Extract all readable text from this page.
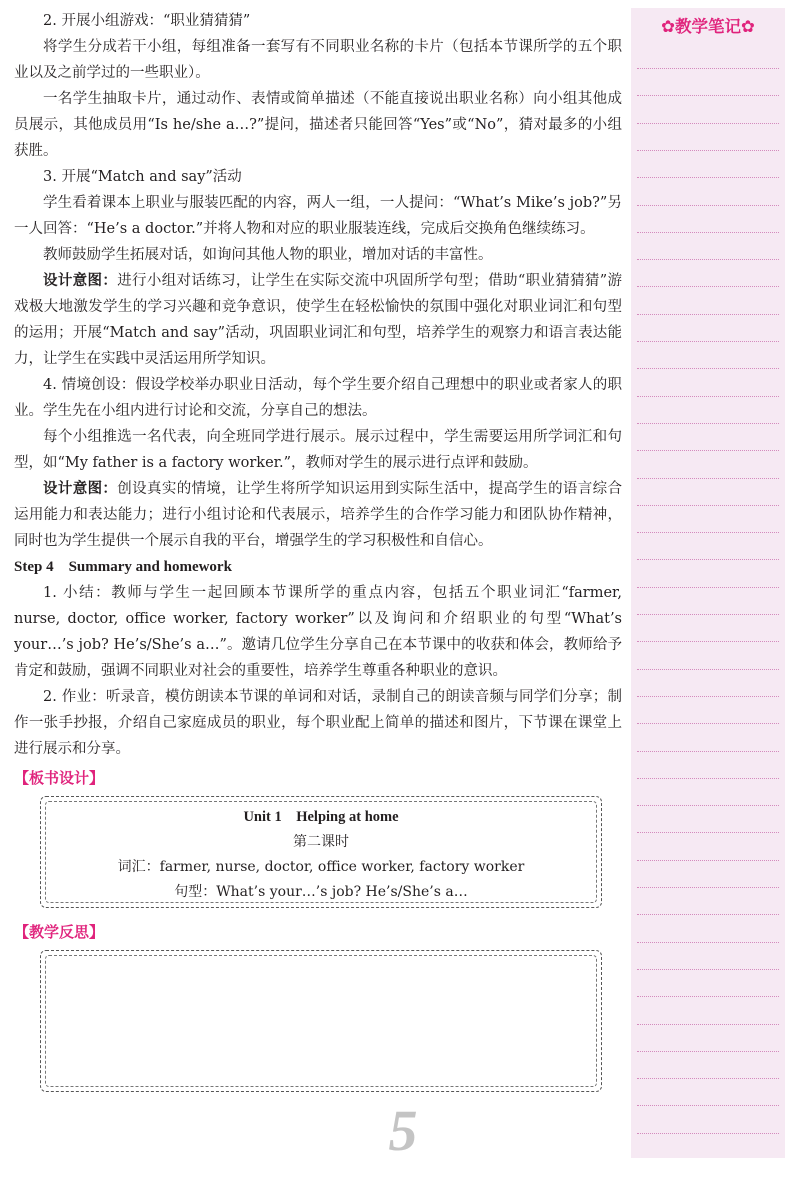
2. 开展小组游戏：“职业猜猜猜”

将学生分成若干小组，每组准备一套写有不同职业名称的卡片（包括本节课所学的五个职业以及之前学过的一些职业）。

一名学生抽取卡片，通过动作、表情或简单描述（不能直接说出职业名称）向小组其他成员展示，其他成员用“Is he/she a…?”提问，描述者只能回答“Yes”或“No”，猜对最多的小组获胜。

3. 开展“Match and say”活动

学生看着课本上职业与服装匹配的内容，两人一组，一人提问：“What’s Mike’s job?”另一人回答：“He’s a doctor.”并将人物和对应的职业服装连线，完成后交换角色继续练习。

教师鼓励学生拓展对话，如询问其他人物的职业，增加对话的丰富性。

设计意图：进行小组对话练习，让学生在实际交流中巩固所学句型；借助“职业猜猜猜”游戏极大地激发学生的学习兴趣和竞争意识，使学生在轻松愉快的氛围中强化对职业词汇和句型的运用；开展“Match and say”活动，巩固职业词汇和句型，培养学生的观察力和语言表达能力，让学生在实践中灵活运用所学知识。

4. 情境创设：假设学校举办职业日活动，每个学生要介绍自己理想中的职业或者家人的职业。学生先在小组内进行讨论和交流，分享自己的想法。

每个小组推选一名代表，向全班同学进行展示。展示过程中，学生需要运用所学词汇和句型，如“My father is a factory worker.”，教师对学生的展示进行点评和鼓励。

设计意图：创设真实的情境，让学生将所学知识运用到实际生活中，提高学生的语言综合运用能力和表达能力；进行小组讨论和代表展示，培养学生的合作学习能力和团队协作精神，同时也为学生提供一个展示自我的平台，增强学生的学习积极性和自信心。

Step 4    Summary and homework

1. 小结：教师与学生一起回顾本节课所学的重点内容，包括五个职业词汇“farmer, nurse, doctor, office worker, factory worker”以及询问和介绍职业的句型“What’s your…’s job? He’s/She’s a…”。邀请几位学生分享自己在本节课中的收获和体会，教师给予肯定和鼓励，强调不同职业对社会的重要性，培养学生尊重各种职业的意识。

2. 作业：听录音，模仿朗读本节课的单词和对话，录制自己的朗读音频与同学们分享；制作一张手抄报，介绍自己家庭成员的职业，每个职业配上简单的描述和图片，下节课在课堂上进行展示和分享。

【板书设计】
Unit 1    Helping at home
第二课时
词汇：farmer, nurse, doctor, office worker, factory worker
句型：What’s your…’s job? He’s/She’s a…
【教学反思】
5
✿教学笔记✿
